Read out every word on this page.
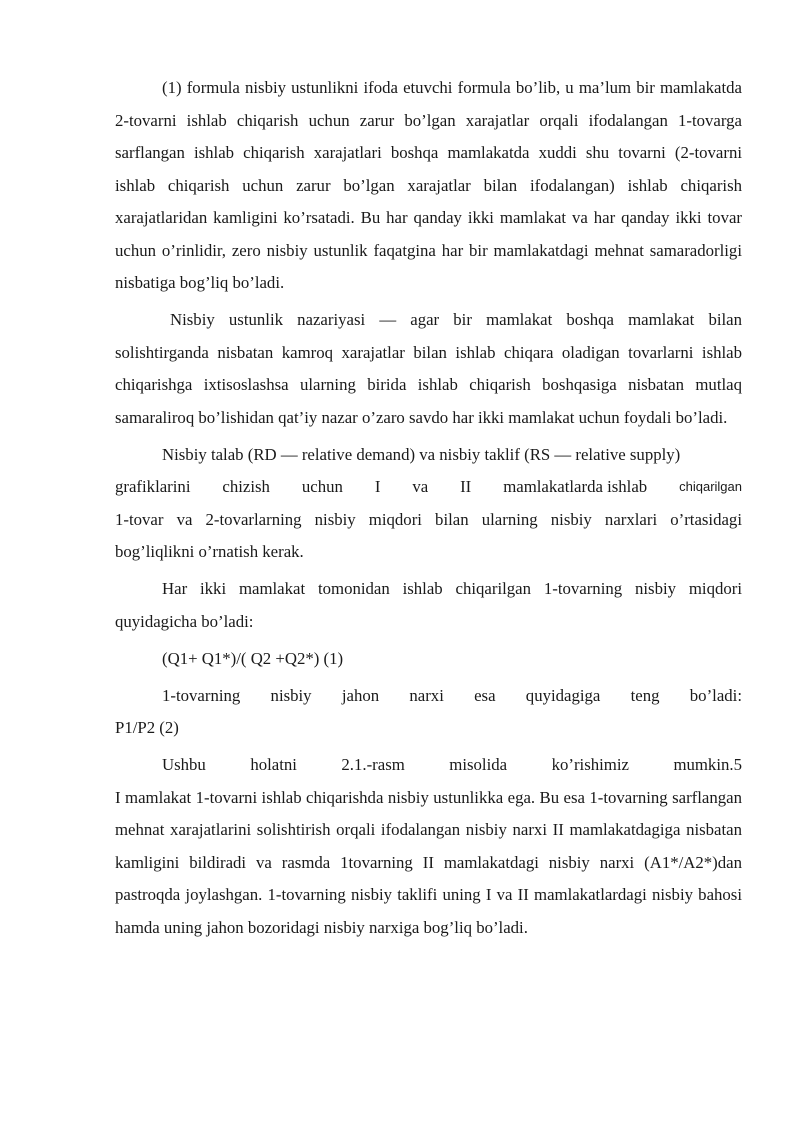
(1) formula nisbiy ustunlikni ifoda etuvchi formula bo’lib, u ma’lum bir mamlakatda 2-tovarni ishlab chiqarish uchun zarur bo’lgan xarajatlar orqali ifodalangan 1-tovarga sarflangan ishlab chiqarish xarajatlari boshqa mamlakatda xuddi shu tovarni (2-tovarni ishlab chiqarish uchun zarur bo’lgan xarajatlar bilan ifodalangan) ishlab chiqarish xarajatlaridan kamligini ko’rsatadi. Bu har qanday ikki mamlakat va har qanday ikki tovar uchun o’rinlidir, zero nisbiy ustunlik faqatgina har bir mamlakatdagi mehnat samaradorligi nisbatiga bog’liq bo’ladi.

Nisbiy ustunlik nazariyasi — agar bir mamlakat boshqa mamlakat bilan solishtirganda nisbatan kamroq xarajatlar bilan ishlab chiqara oladigan tovarlarni ishlab chiqarishga ixtisoslashsa ularning birida ishlab chiqarish boshqasiga nisbatan mutlaq samaraliroq bo’lishidan qat’iy nazar o’zaro savdo har ikki mamlakat uchun foydali bo’ladi.

Nisbiy talab (RD — relative demand) va nisbiy taklif (RS — relative supply)
grafiklarini chizish uchun I va II mamlakatlarda ishlab chiqarilgan
1-tovar va 2-tovarlarning nisbiy miqdori bilan ularning nisbiy narxlari o’rtasidagi bog’liqlikni o’rnatish kerak.

Har ikki mamlakat tomonidan ishlab chiqarilgan 1-tovarning nisbiy miqdori quyidagicha bo’ladi:

(Q1+ Q1*)/( Q2 +Q2*) (1)

1-tovarning nisbiy jahon narxi esa quyidagiga teng bo’ladi:
P1/P2 (2)
Ushbu	holatni	2.1.-rasm	misolida	ko’rishimiz	mumkin.5
I mamlakat 1-tovarni ishlab chiqarishda nisbiy ustunlikka ega. Bu esa 1-tovarning sarflangan mehnat xarajatlarini solishtirish orqali ifodalangan nisbiy narxi II mamlakatdagiga nisbatan kamligini bildiradi va rasmda 1tovarning II mamlakatdagi nisbiy narxi (A1*/A2*)dan pastroqda joylashgan. 1-tovarning nisbiy taklifi uning I va II mamlakatlardagi nisbiy bahosi hamda uning jahon bozoridagi nisbiy narxiga bog’liq bo’ladi.
